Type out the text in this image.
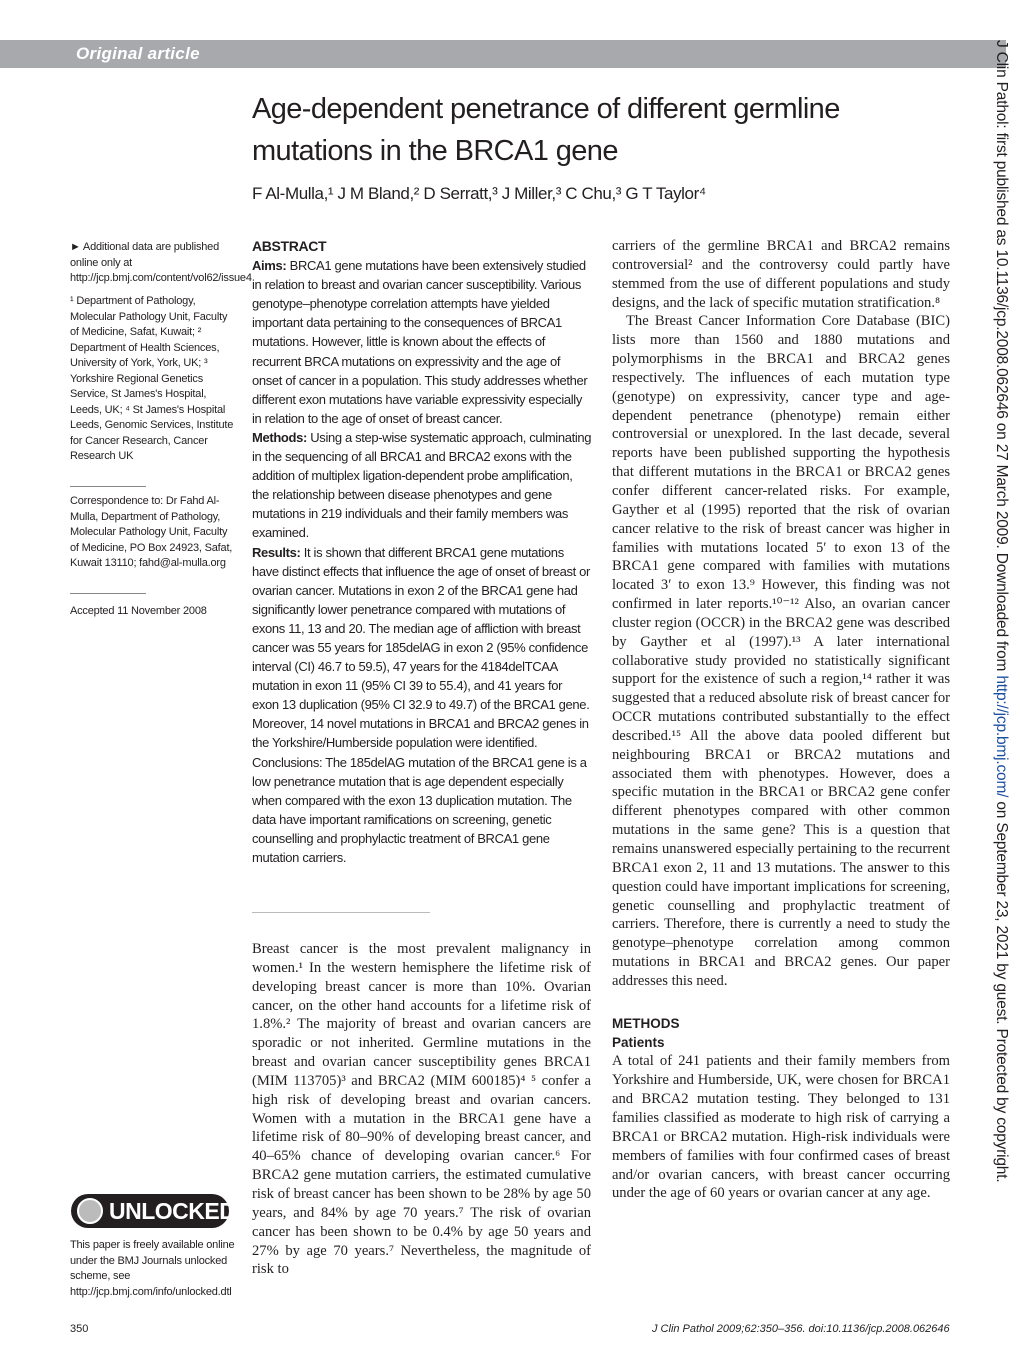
Original article
Age-dependent penetrance of different germline mutations in the BRCA1 gene
F Al-Mulla,¹ J M Bland,² D Serratt,³ J Miller,³ C Chu,³ G T Taylor⁴
► Additional data are published online only at http://jcp.bmj.com/content/vol62/issue4
¹ Department of Pathology, Molecular Pathology Unit, Faculty of Medicine, Safat, Kuwait; ² Department of Health Sciences, University of York, York, UK; ³ Yorkshire Regional Genetics Service, St James's Hospital, Leeds, UK; ⁴ St James's Hospital Leeds, Genomic Services, Institute for Cancer Research, Cancer Research UK
Correspondence to: Dr Fahd Al-Mulla, Department of Pathology, Molecular Pathology Unit, Faculty of Medicine, PO Box 24923, Safat, Kuwait 13110; fahd@al-mulla.org
Accepted 11 November 2008
UNLOCKED
This paper is freely available online under the BMJ Journals unlocked scheme, see http://jcp.bmj.com/info/unlocked.dtl
ABSTRACT
Aims: BRCA1 gene mutations have been extensively studied in relation to breast and ovarian cancer susceptibility. Various genotype–phenotype correlation attempts have yielded important data pertaining to the consequences of BRCA1 mutations. However, little is known about the effects of recurrent BRCA mutations on expressivity and the age of onset of cancer in a population. This study addresses whether different exon mutations have variable expressivity especially in relation to the age of onset of breast cancer.
Methods: Using a step-wise systematic approach, culminating in the sequencing of all BRCA1 and BRCA2 exons with the addition of multiplex ligation-dependent probe amplification, the relationship between disease phenotypes and gene mutations in 219 individuals and their family members was examined.
Results: It is shown that different BRCA1 gene mutations have distinct effects that influence the age of onset of breast or ovarian cancer. Mutations in exon 2 of the BRCA1 gene had significantly lower penetrance compared with mutations of exons 11, 13 and 20. The median age of affliction with breast cancer was 55 years for 185delAG in exon 2 (95% confidence interval (CI) 46.7 to 59.5), 47 years for the 4184delTCAA mutation in exon 11 (95% CI 39 to 55.4), and 41 years for exon 13 duplication (95% CI 32.9 to 49.7) of the BRCA1 gene. Moreover, 14 novel mutations in BRCA1 and BRCA2 genes in the Yorkshire/Humberside population were identified.
Conclusions: The 185delAG mutation of the BRCA1 gene is a low penetrance mutation that is age dependent especially when compared with the exon 13 duplication mutation. The data have important ramifications on screening, genetic counselling and prophylactic treatment of BRCA1 gene mutation carriers.

Breast cancer is the most prevalent malignancy in women.¹ In the western hemisphere the lifetime risk of developing breast cancer is more than 10%. Ovarian cancer, on the other hand accounts for a lifetime risk of 1.8%.² The majority of breast and ovarian cancers are sporadic or not inherited. Germline mutations in the breast and ovarian cancer susceptibility genes BRCA1 (MIM 113705)³ and BRCA2 (MIM 600185)⁴ ⁵ confer a high risk of developing breast and ovarian cancers. Women with a mutation in the BRCA1 gene have a lifetime risk of 80–90% of developing breast cancer, and 40–65% chance of developing ovarian cancer.⁶ For BRCA2 gene mutation carriers, the estimated cumulative risk of breast cancer has been shown to be 28% by age 50 years, and 84% by age 70 years.⁷ The risk of ovarian cancer has been shown to be 0.4% by age 50 years and 27% by age 70 years.⁷ Nevertheless, the magnitude of risk to

carriers of the germline BRCA1 and BRCA2 remains controversial² and the controversy could partly have stemmed from the use of different populations and study designs, and the lack of specific mutation stratification.⁸

The Breast Cancer Information Core Database (BIC) lists more than 1560 and 1880 mutations and polymorphisms in the BRCA1 and BRCA2 genes respectively. The influences of each mutation type (genotype) on expressivity, cancer type and age-dependent penetrance (phenotype) remain either controversial or unexplored. In the last decade, several reports have been published supporting the hypothesis that different mutations in the BRCA1 or BRCA2 genes confer different cancer-related risks. For example, Gayther et al (1995) reported that the risk of ovarian cancer relative to the risk of breast cancer was higher in families with mutations located 5′ to exon 13 of the BRCA1 gene compared with families with mutations located 3′ to exon 13.⁹ However, this finding was not confirmed in later reports.¹⁰⁻¹² Also, an ovarian cancer cluster region (OCCR) in the BRCA2 gene was described by Gayther et al (1997).¹³ A later international collaborative study provided no statistically significant support for the existence of such a region,¹⁴ rather it was suggested that a reduced absolute risk of breast cancer for OCCR mutations contributed substantially to the effect described.¹⁵ All the above data pooled different but neighbouring BRCA1 or BRCA2 mutations and associated them with phenotypes. However, does a specific mutation in the BRCA1 or BRCA2 gene confer different phenotypes compared with other common mutations in the same gene? This is a question that remains unanswered especially pertaining to the recurrent BRCA1 exon 2, 11 and 13 mutations. The answer to this question could have important implications for screening, genetic counselling and prophylactic treatment of carriers. Therefore, there is currently a need to study the genotype–phenotype correlation among common mutations in BRCA1 and BRCA2 genes. Our paper addresses this need.

METHODS
Patients

A total of 241 patients and their family members from Yorkshire and Humberside, UK, were chosen for BRCA1 and BRCA2 mutation testing. They belonged to 131 families classified as moderate to high risk of carrying a BRCA1 or BRCA2 mutation. High-risk individuals were members of families with four confirmed cases of breast and/or ovarian cancers, with breast cancer occurring under the age of 60 years or ovarian cancer at any age.

350	J Clin Pathol 2009;62:350–356. doi:10.1136/jcp.2008.062646
J Clin Pathol: first published as 10.1136/jcp.2008.062646 on 27 March 2009. Downloaded from http://jcp.bmj.com/ on September 23, 2021 by guest. Protected by copyright.
